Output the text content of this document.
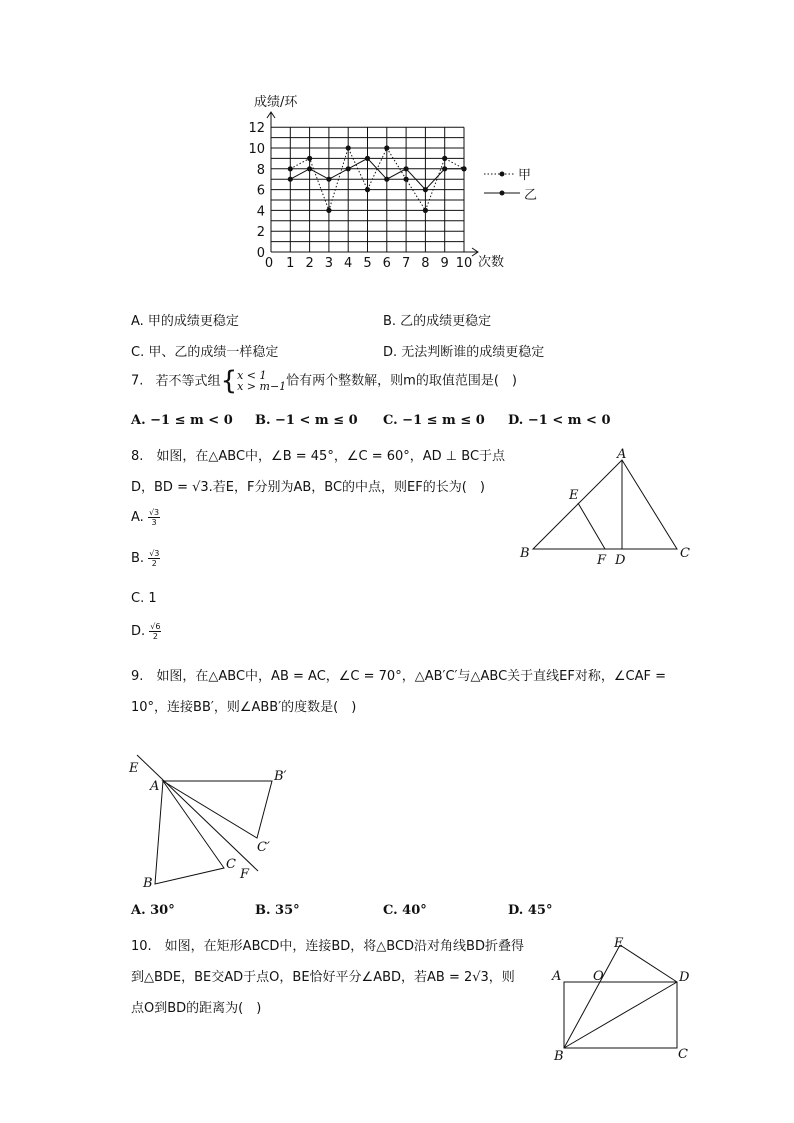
成绩/环
次数
12
10
8
6
4
2
0
0 1 2 3 4 5 6 7 8 9 10
甲
乙
A. 甲的成绩更稳定	B. 乙的成绩更稳定
C. 甲、乙的成绩一样稳定	D. 无法判断谁的成绩更稳定
7. 若不等式组{ x < 1
x > m−1 恰有两个整数解，则m的取值范围是(　)
A. −1 ≤ m < 0 B. −1 < m ≤ 0 C. −1 ≤ m ≤ 0 D. −1 < m < 0
8.　如图，在△ABC中，∠B = 45°，∠C = 60°，AD ⊥ BC于点
D，BD = √3.若E，F分别为AB，BC的中点，则EF的长为(　)
A. $\frac{√3}{3}$
B. $\frac{√3}{2}$
C. 1
D. $\frac{√6}{2}$
A
B	C
D
E
F
9.　如图，在△ABC中，AB = AC，∠C = 70°，△AB′C′与△ABC关于直线EF对称，∠CAF =
10°，连接BB′，则∠ABB′的度数是(　)
E
A
B
C
B′
C′
F
A. 30°	B. 35°	C. 40°	D. 45°
10.　如图，在矩形ABCD中，连接BD，将△BCD沿对角线BD折叠得
到△BDE，BE交AD于点O，BE恰好平分∠ABD，若AB = 2√3，则
点O到BD的距离为(　)
A
B	C
D
E
O
